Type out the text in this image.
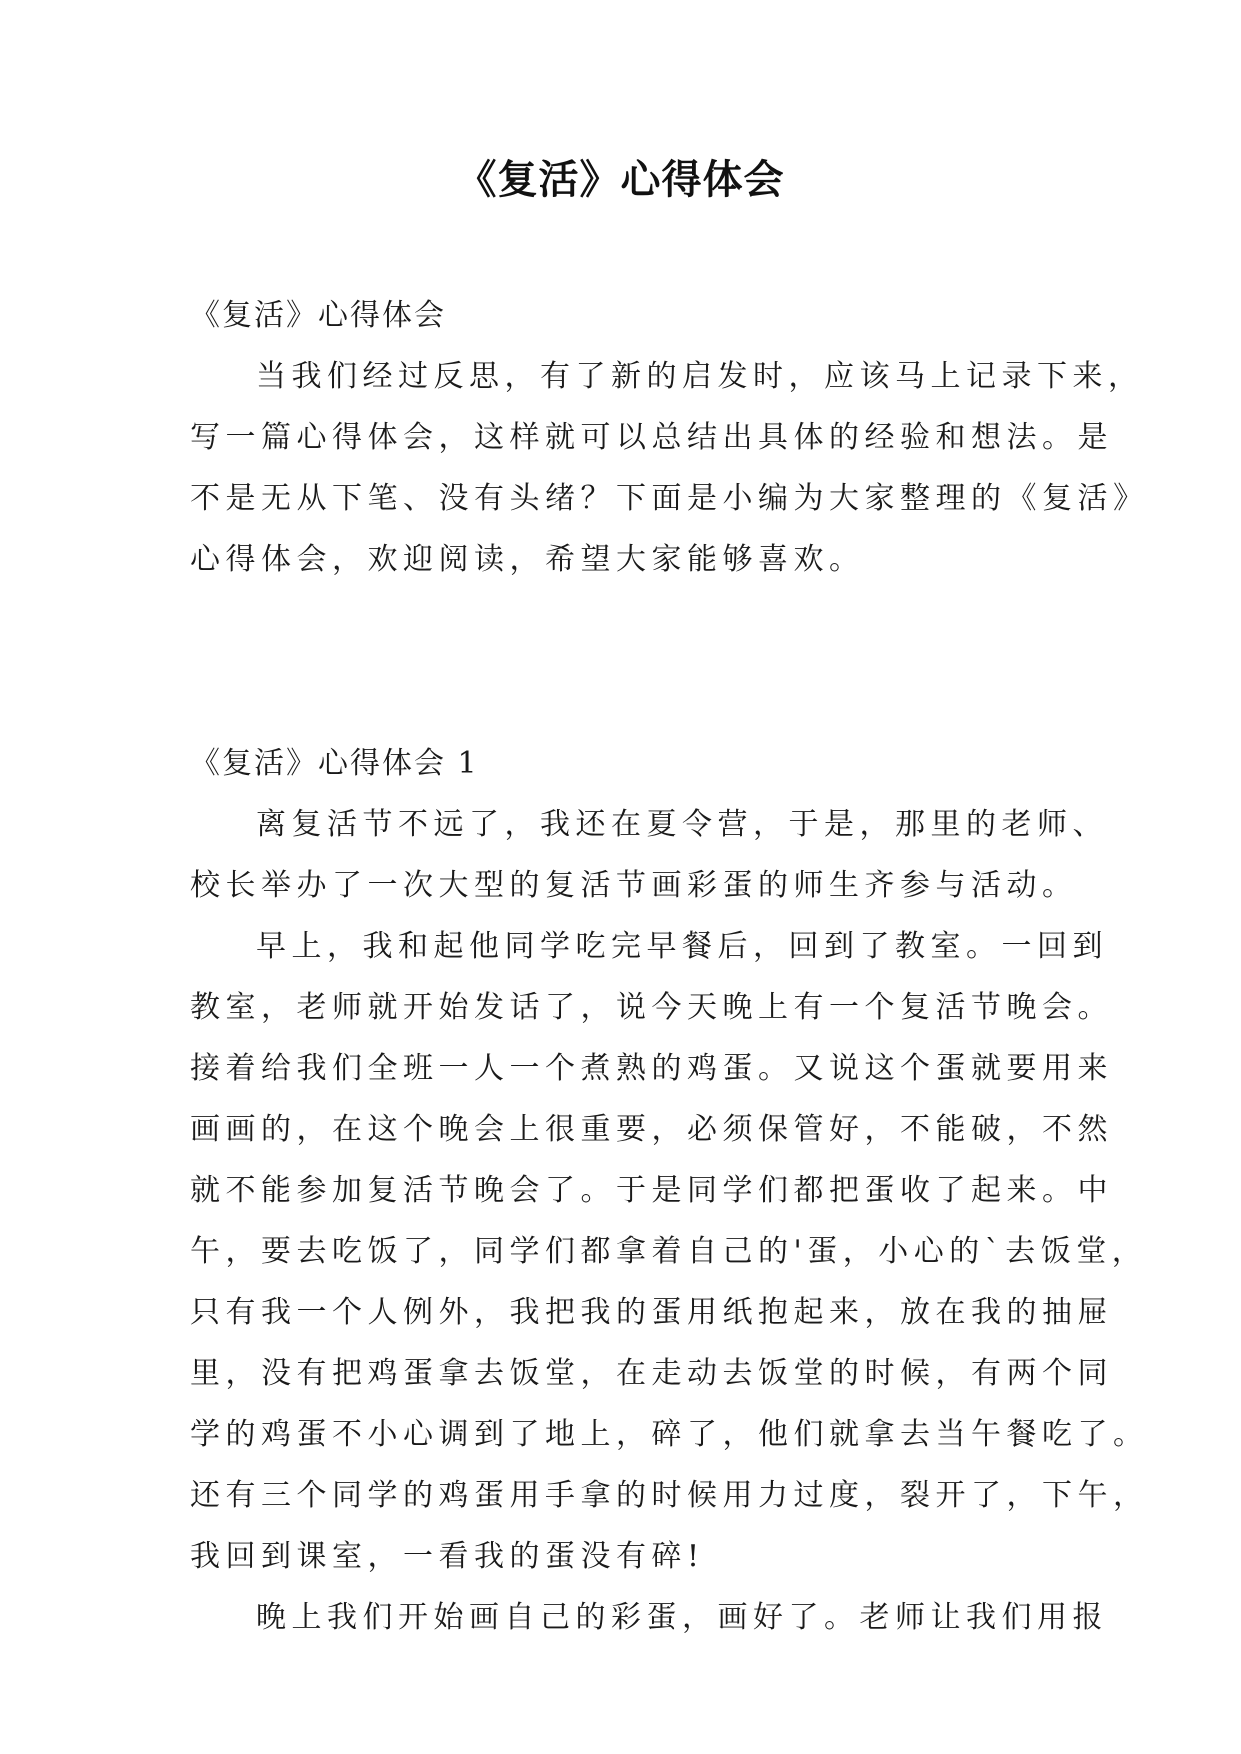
《复活》心得体会
《复活》心得体会
当我们经过反思，有了新的启发时，应该马上记录下来，
写一篇心得体会，这样就可以总结出具体的经验和想法。是
不是无从下笔、没有头绪？下面是小编为大家整理的《复活》
心得体会，欢迎阅读，希望大家能够喜欢。
《复活》心得体会 1
离复活节不远了，我还在夏令营，于是，那里的老师、
校长举办了一次大型的复活节画彩蛋的师生齐参与活动。
早上，我和起他同学吃完早餐后，回到了教室。一回到
教室，老师就开始发话了，说今天晚上有一个复活节晚会。
接着给我们全班一人一个煮熟的鸡蛋。又说这个蛋就要用来
画画的，在这个晚会上很重要，必须保管好，不能破，不然
就不能参加复活节晚会了。于是同学们都把蛋收了起来。中
午，要去吃饭了，同学们都拿着自己的'蛋，小心的`去饭堂，
只有我一个人例外，我把我的蛋用纸抱起来，放在我的抽屉
里，没有把鸡蛋拿去饭堂，在走动去饭堂的时候，有两个同
学的鸡蛋不小心调到了地上，碎了，他们就拿去当午餐吃了。
还有三个同学的鸡蛋用手拿的时候用力过度，裂开了，下午，
我回到课室，一看我的蛋没有碎!
晚上我们开始画自己的彩蛋，画好了。老师让我们用报
